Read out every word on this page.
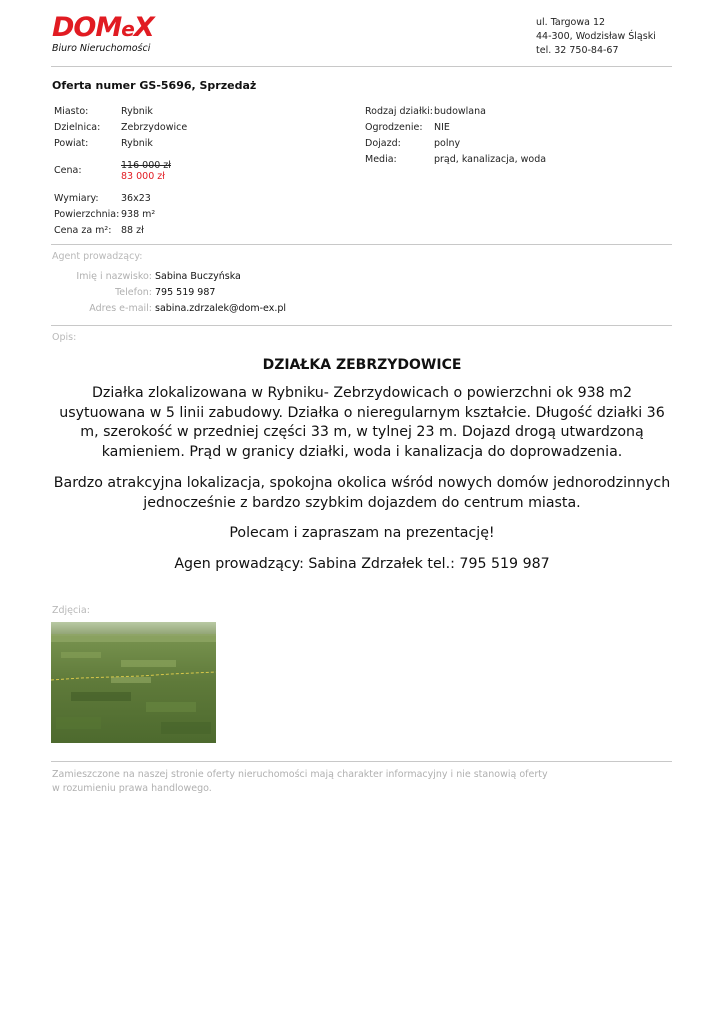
DOMeX
Biuro Nieruchomości
ul. Targowa 12
44-300, Wodzisław Śląski
tel. 32 750-84-67
Oferta numer GS-5696, Sprzedaż
Miasto:	Rybnik
Dzielnica:	Zebrzydowice
Powiat:	Rybnik
Cena:	116 000 zł
83 000 zł

Wymiary:	36x23
Powierzchnia:	938 m²
Cena za m²:	88 zł
Rodzaj działki:	budowlana
Ogrodzenie:	NIE
Dojazd:	polny
Media:	prąd, kanalizacja, woda
Agent prowadzący:
Imię i nazwisko:	Sabina Buczyńska
Telefon:	795 519 987
Adres e-mail:	sabina.zdrzalek@dom-ex.pl
Opis:
DZIAŁKA ZEBRZYDOWICE

Działka zlokalizowana w Rybniku- Zebrzydowicach o powierzchni ok 938 m2 usytuowana w 5 linii zabudowy. Działka o nieregularnym kształcie. Długość działki 36 m, szerokość w przedniej części 33 m, w tylnej 23 m. Dojazd drogą utwardzoną kamieniem. Prąd w granicy działki, woda i kanalizacja do doprowadzenia.

Bardzo atrakcyjna lokalizacja, spokojna okolica wśród nowych domów jednorodzinnych jednocześnie z bardzo szybkim dojazdem do centrum miasta.

Polecam i zapraszam na prezentację!

Agen prowadzący: Sabina Zdrzałek tel.: 795 519 987

Zdjęcia:
Zamieszczone na naszej stronie oferty nieruchomości mają charakter informacyjny i nie stanowią oferty
w rozumieniu prawa handlowego.
